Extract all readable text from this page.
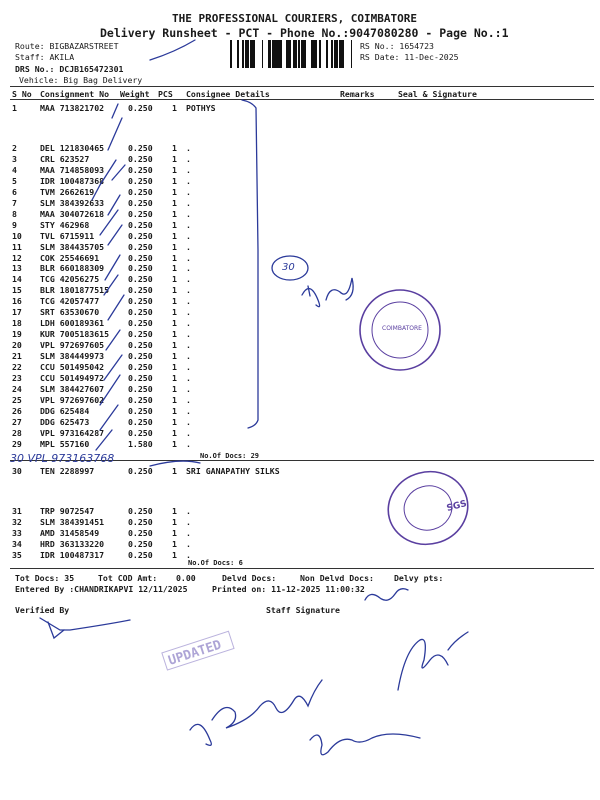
THE PROFESSIONAL COURIERS, COIMBATORE
Delivery Runsheet - PCT - Phone No.:9047080280 - Page No.:1
Route: BIGBAZARSTREET
Staff: AKILA
DRS No.: DCJB165472301
Vehicle: Big Bag Delivery
RS No.: 1654723
RS Date: 11-Dec-2025
S No Consignment No Weight PCS Consignee Details	Remarks	Seal & Signature
1	MAA 713821702	0.250 1 POTHYS
2	DEL 121830465	0.250 1 .
3	CRL 623527	0.250 1 .
4	MAA 714858093	0.250 1 .
5	IDR 100487368	0.250 1 .
6	TVM 2662619	0.250 1 .
7	SLM 384392633	0.250 1 .
8	MAA 304072618	0.250 1 .
9	STY 462968	0.250 1 .
10 TVL 6715911	0.250 1 .
11 SLM 384435705	0.250 1 .
12 COK 25546691	0.250 1 .
13 BLR 660188309	0.250 1 .
14 TCG 42056275	0.250 1 .
15 BLR 1801877515 0.250 1 .
16 TCG 42057477	0.250 1 .
17 SRT 63530670	0.250 1 .
18 LDH 600189361	0.250 1 .
19 KUR 7005183615 0.250 1 .
20 VPL 972697605	0.250 1 .
21 SLM 384449973	0.250 1 .
22 CCU 501495042	0.250 1 .
23 CCU 501494972	0.250 1 .
24 SLM 384427607	0.250 1 .
25 VPL 972697602	0.250 1 .
26 DDG 625484	0.250 1 .
27 DDG 625473	0.250 1 .
28 VPL 973164287	0.250 1 .
29 MPL 557160	1.580 1 .
No.Of Docs: 29
30 TEN 2288997	0.250 1 SRI GANAPATHY SILKS
31 TRP 9072547	0.250 1 .
32 SLM 384391451	0.250 1 .
33 AMD 31458549	0.250 1 .
34 HRD 363133220	0.250 1 .
35 IDR 100487317	0.250 1 .
No.Of Docs: 6
Tot Docs: 35	Tot COD Amt: 0.00	Delvd Docs:	Non Delvd Docs: Delvy pts:
Entered By :CHANDRIKAPVI 12/11/2025	Printed on: 11-12-2025 11:00:32
Verified By	Staff Signature
UPDATED
COIMBATORE
SGS
30
30 VPL 973163768
